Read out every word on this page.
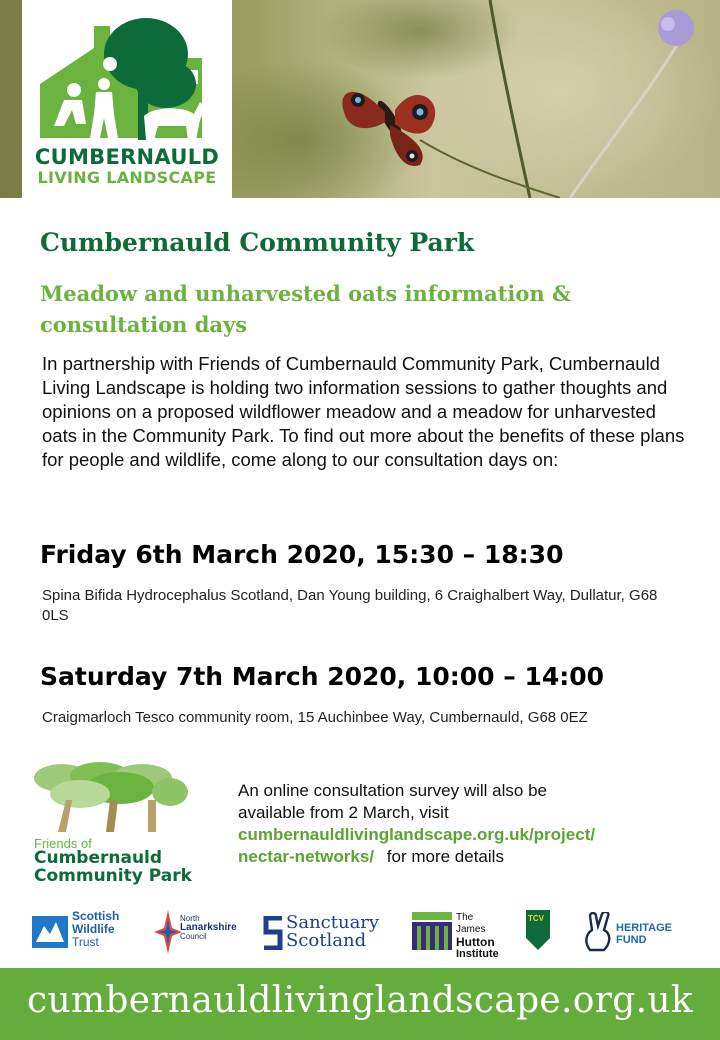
CUMBERNAULD
LIVING LANDSCAPE
Cumbernauld Community Park
Meadow and unharvested oats information & consultation days
In partnership with Friends of Cumbernauld Community Park, Cumbernauld Living Landscape is holding two information sessions to gather thoughts and opinions on a proposed wildflower meadow and a meadow for unharvested oats in the Community Park. To find out more about the benefits of these plans for people and wildlife, come along to our consultation days on:
Friday 6th March 2020, 15:30 – 18:30
Spina Bifida Hydrocephalus Scotland, Dan Young building, 6 Craighalbert Way, Dullatur, G68 0LS
Saturday 7th March 2020, 10:00 – 14:00
Craigmarloch Tesco community room, 15 Auchinbee Way, Cumbernauld, G68 0EZ
Friends of
Cumbernauld
Community Park
An online consultation survey will also be available from 2 March, visit
cumbernauldlivinglandscape.org.uk/project/
nectar-networks/ for more details
Scottish
Wildlife
Trust
North
Lanarkshire
Council
Sanctuary
Scotland
The James
Hutton
Institute
TCV
HERITAGE
FUND
cumbernauldlivinglandscape.org.uk
